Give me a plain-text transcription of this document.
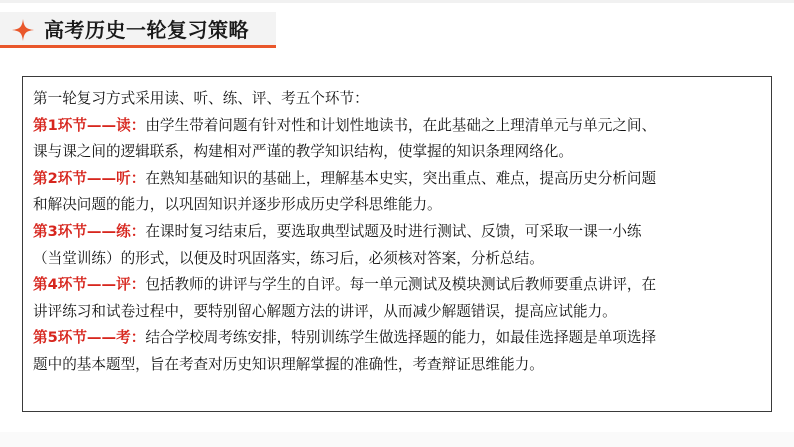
高考历史一轮复习策略
第一轮复习方式采用读、听、练、评、考五个环节：
第1环节——读：由学生带着问题有针对性和计划性地读书，在此基础之上理清单元与单元之间、
课与课之间的逻辑联系，构建相对严谨的教学知识结构，使掌握的知识条理网络化。
第2环节——听：在熟知基础知识的基础上，理解基本史实，突出重点、难点，提高历史分析问题
和解决问题的能力，以巩固知识并逐步形成历史学科思维能力。
第3环节——练：在课时复习结束后，要选取典型试题及时进行测试、反馈，可采取一课一小练
（当堂训练）的形式，以便及时巩固落实，练习后，必须核对答案，分析总结。
第4环节——评：包括教师的讲评与学生的自评。每一单元测试及模块测试后教师要重点讲评，在
讲评练习和试卷过程中，要特别留心解题方法的讲评，从而减少解题错误，提高应试能力。
第5环节——考：结合学校周考练安排，特别训练学生做选择题的能力，如最佳选择题是单项选择
题中的基本题型，旨在考查对历史知识理解掌握的准确性，考查辩证思维能力。
